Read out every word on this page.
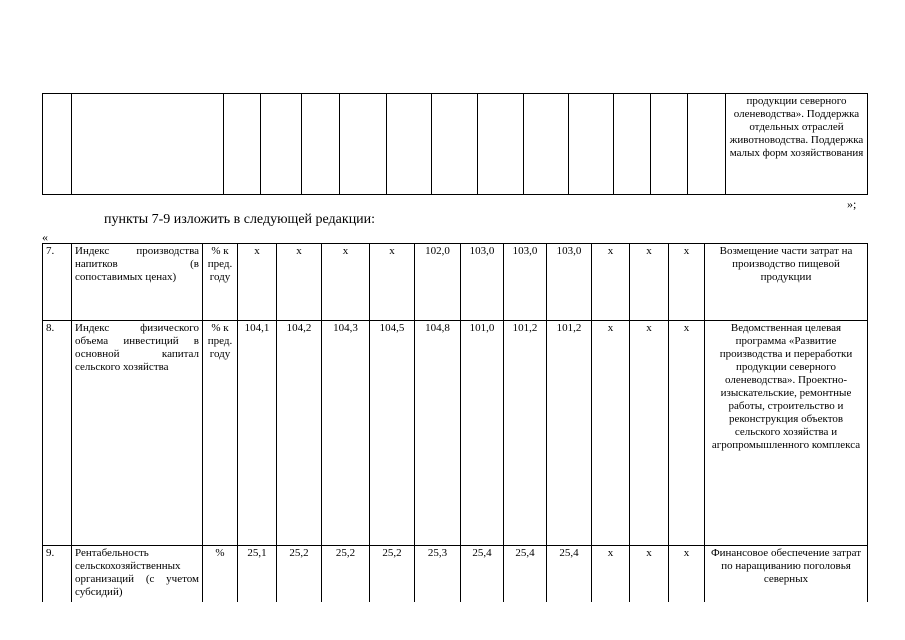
														продукции северного оленеводства». Поддержка отдельных отраслей животноводства. Поддержка малых форм хозяйствования
»;
пункты 7-9 изложить в следующей редакции:
«
7.	Индекс производства напитков (в сопоставимых ценах)	% к пред. году	x	x	x	x	102,0	103,0	103,0	103,0	x	x	x	Возмещение части затрат на производство пищевой продукции
8.	Индекс физического объема инвестиций в основной капитал сельского хозяйства	% к пред. году	104,1	104,2	104,3	104,5	104,8	101,0	101,2	101,2	x	x	x	Ведомственная целевая программа «Развитие производства и переработки продукции северного оленеводства». Проектно-изыскательские, ремонтные работы, строительство и реконструкция объектов сельского хозяйства и агропромышленного комплекса
9.	Рентабельность сельскохозяйственных организаций (с учетом субсидий)	%	25,1	25,2	25,2	25,2	25,3	25,4	25,4	25,4	x	x	x	Финансовое обеспечение затрат по наращиванию поголовья северных
